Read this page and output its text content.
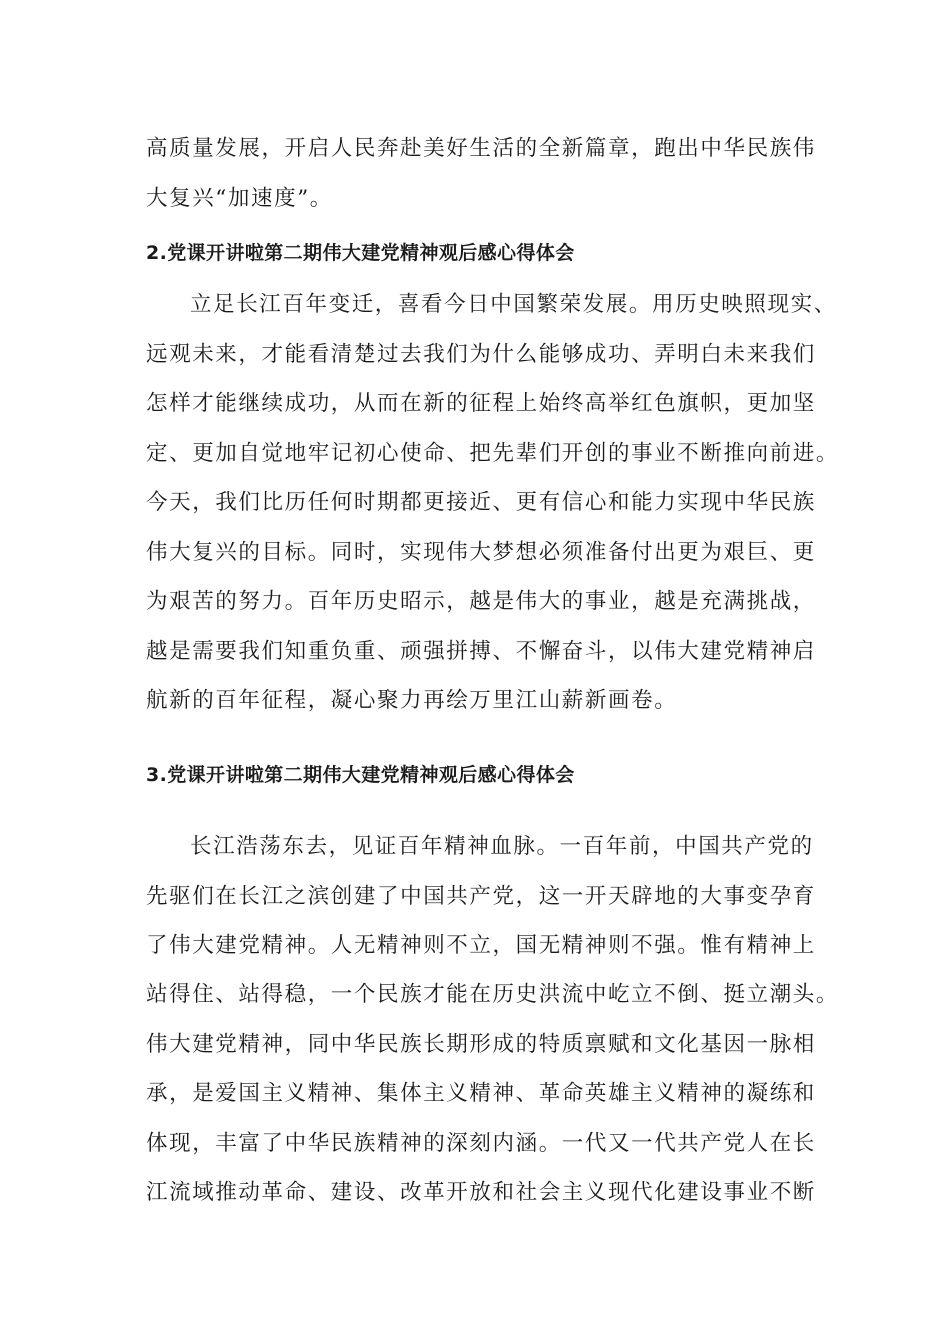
高质量发展，开启人民奔赴美好生活的全新篇章，跑出中华民族伟
大复兴“加速度”。
2.党课开讲啦第二期伟大建党精神观后感心得体会
立足长江百年变迁，喜看今日中国繁荣发展。用历史映照现实、
远观未来，才能看清楚过去我们为什么能够成功、弄明白未来我们
怎样才能继续成功，从而在新的征程上始终高举红色旗帜，更加坚
定、更加自觉地牢记初心使命、把先辈们开创的事业不断推向前进。
今天，我们比历任何时期都更接近、更有信心和能力实现中华民族
伟大复兴的目标。同时，实现伟大梦想必须准备付出更为艰巨、更
为艰苦的努力。百年历史昭示，越是伟大的事业，越是充满挑战，
越是需要我们知重负重、顽强拼搏、不懈奋斗，以伟大建党精神启
航新的百年征程，凝心聚力再绘万里江山薪新画卷。
3.党课开讲啦第二期伟大建党精神观后感心得体会
长江浩荡东去，见证百年精神血脉。一百年前，中国共产党的
先驱们在长江之滨创建了中国共产党，这一开天辟地的大事变孕育
了伟大建党精神。人无精神则不立，国无精神则不强。惟有精神上
站得住、站得稳，一个民族才能在历史洪流中屹立不倒、挺立潮头。
伟大建党精神，同中华民族长期形成的特质禀赋和文化基因一脉相
承，是爱国主义精神、集体主义精神、革命英雄主义精神的凝练和
体现，丰富了中华民族精神的深刻内涵。一代又一代共产党人在长
江流域推动革命、建设、改革开放和社会主义现代化建设事业不断
